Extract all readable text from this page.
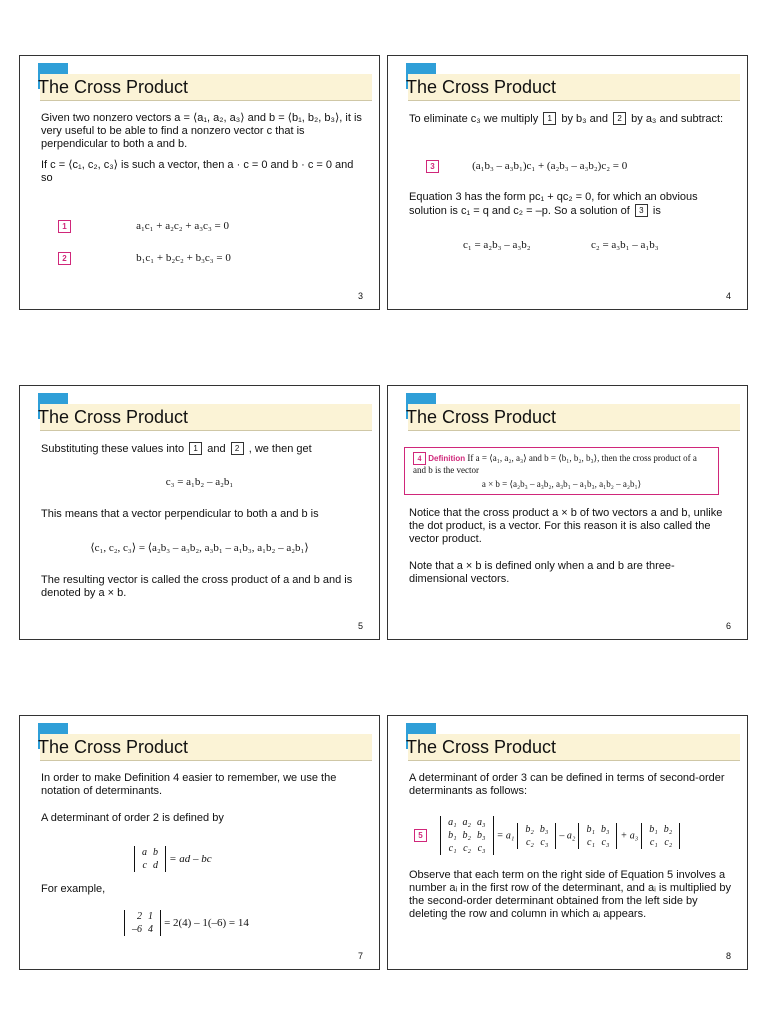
The Cross Product

Given two nonzero vectors a = ⟨a₁, a₂, a₃⟩ and b = ⟨b₁, b₂, b₃⟩, it is very useful to be able to find a nonzero vector c that is perpendicular to both a and b.

If c = ⟨c₁, c₂, c₃⟩ is such a vector, then a · c = 0 and b · c = 0 and so

1	a₁c₁ + a₂c₂ + a₃c₃ = 0
2	b₁c₁ + b₂c₂ + b₃c₃ = 0
3
The Cross Product

To eliminate c₃ we multiply 1 by b₃ and 2 by a₃ and subtract:

3	(a₁b₃ – a₃b₁)c₁ + (a₂b₃ – a₃b₂)c₂ = 0

Equation 3 has the form pc₁ + qc₂ = 0, for which an obvious solution is c₁ = q and c₂ = –p. So a solution of 3 is

c₁ = a₂b₃ – a₃b₂	c₂ = a₃b₁ – a₁b₃
4
The Cross Product

Substituting these values into 1 and 2 , we then get

c₃ = a₁b₂ – a₂b₁

This means that a vector perpendicular to both a and b is

⟨c₁, c₂, c₃⟩ = ⟨a₂b₃ – a₃b₂, a₃b₁ – a₁b₃, a₁b₂ – a₂b₁⟩

The resulting vector is called the cross product of a and b and is denoted by a × b.

5
The Cross Product
4 Definition If a = ⟨a₁, a₂, a₃⟩ and b = ⟨b₁, b₂, b₃⟩, then the cross product of a and b is the vector
a × b = ⟨a₂b₃ – a₃b₂, a₃b₁ – a₁b₃, a₁b₂ – a₂b₁⟩

Notice that the cross product a × b of two vectors a and b, unlike the dot product, is a vector. For this reason it is also called the vector product.

Note that a × b is defined only when a and b are three-dimensional vectors.

6
The Cross Product

In order to make Definition 4 easier to remember, we use the notation of determinants.

A determinant of order 2 is defined by

a	b
c	d
= ad – bc

For example,

2	1
–6	4
= 2(4) – 1(–6) = 14
7
The Cross Product

A determinant of order 3 can be defined in terms of second-order determinants as follows:

5
a₁	a₂	a₃
b₁	b₂	b₃
c₁	c₂	c₃
= a₁
b₂	b₃
c₂	c₃
– a₂
b₁	b₃
c₁	c₃
+ a₃
b₁	b₂
c₁	c₂

Observe that each term on the right side of Equation 5 involves a number aᵢ in the first row of the determinant, and aᵢ is multiplied by the second-order determinant obtained from the left side by deleting the row and column in which aᵢ appears.

8
